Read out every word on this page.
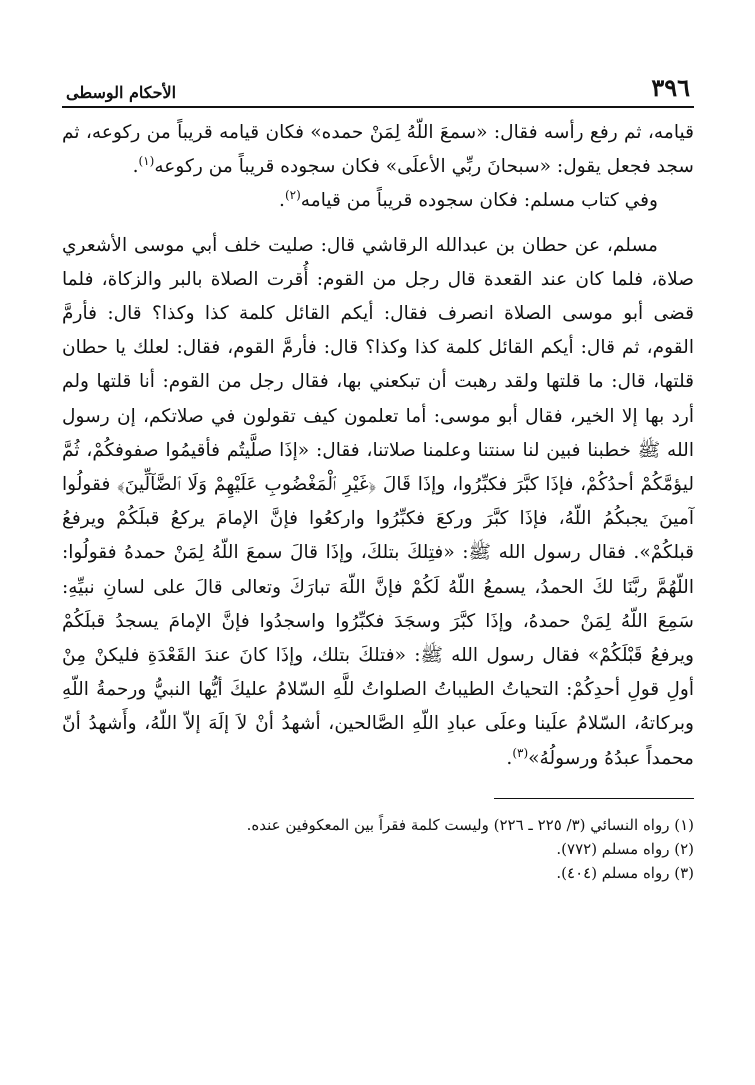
٣٩٦
الأحكام الوسطى

قيامه، ثم رفع رأسه فقال: «سمعَ اللّهُ لِمَنْ حمده» فكان قيامه قريباً من ركوعه، ثم سجد فجعل يقول: «سبحانَ ربِّي الأعلَى» فكان سجوده قريباً من ركوعه$^{(١)}$.

وفي كتاب مسلم: فكان سجوده قريباً من قيامه$^{(٢)}$.

مسلم، عن حطان بن عبدالله الرقاشي قال: صليت خلف أبي موسى الأشعري صلاة، فلما كان عند القعدة قال رجل من القوم: أُقرت الصلاة بالبر والزكاة، فلما قضى أبو موسى الصلاة انصرف فقال: أيكم القائل كلمة كذا وكذا؟ قال: فأرمَّ القوم، ثم قال: أيكم القائل كلمة كذا وكذا؟ قال: فأرمَّ القوم، فقال: لعلك يا حطان قلتها، قال: ما قلتها ولقد رهبت أن تبكعني بها، فقال رجل من القوم: أنا قلتها ولم أرد بها إلا الخير، فقال أبو موسى: أما تعلمون كيف تقولون في صلاتكم، إن رسول الله ﷺ خطبنا فبين لنا سنتنا وعلمنا صلاتنا، فقال: «إذَا صلَّيتُم فأقيمُوا صفوفكُمْ، ثُمَّ ليؤمَّكُمْ أحدُكُمْ، فإذَا كبَّرَ فكبِّرُوا، وإذَا قَالَ ﴿غَيْرِ ٱلْمَغْضُوبِ عَلَيْهِمْ وَلَا ٱلضَّآلِّينَ﴾ فقولُوا آمينَ يجبكُمُ اللّهُ، فإذَا كبَّرَ وركعَ فكبِّرُوا واركعُوا فإنَّ الإمامَ يركعُ قبلَكُمْ ويرفعُ قبلكُمْ». فقال رسول الله ﷺ: «فتِلكَ بتلكَ، وإذَا قالَ سمعَ اللّهُ لِمَنْ حمدهُ فقولُوا: اللّهُمَّ ربَّنَا لكَ الحمدُ، يسمعُ اللّهُ لَكُمْ فإنَّ اللّهَ تبارَكَ وتعالى قالَ على لسانِ نبيِّهِ: سَمِعَ اللّهُ لِمَنْ حمدهُ، وإذَا كبَّرَ وسجَدَ فكبِّرُوا واسجدُوا فإنَّ الإمامَ يسجدُ قبلَكُمْ ويرفعُ قَبْلَكُمْ» فقال رسول الله ﷺ: «فتلكَ بتلك، وإذَا كانَ عندَ القَعْدَةِ فليكنْ مِنْ أولِ قولِ أحدِكُمْ: التحياتُ الطيباتُ الصلواتُ للَّهِ السّلامُ عليكَ أيُّها النبيُّ ورحمةُ اللّهِ وبركاتهُ، السّلامُ علَينا وعلَى عبادِ اللّهِ الصَّالحين، أشهدُ أنْ لاَ إلَهَ إلاّ اللّهُ، وأَشهدُ أنّ محمداً عبدُهُ ورسولُهُ»$^{(٣)}$.

(١) رواه النسائي (٣/ ٢٢٥ ـ ٢٢٦) وليست كلمة فقراً بين المعكوفين عنده.

(٢) رواه مسلم (٧٧٢).

(٣) رواه مسلم (٤٠٤).
